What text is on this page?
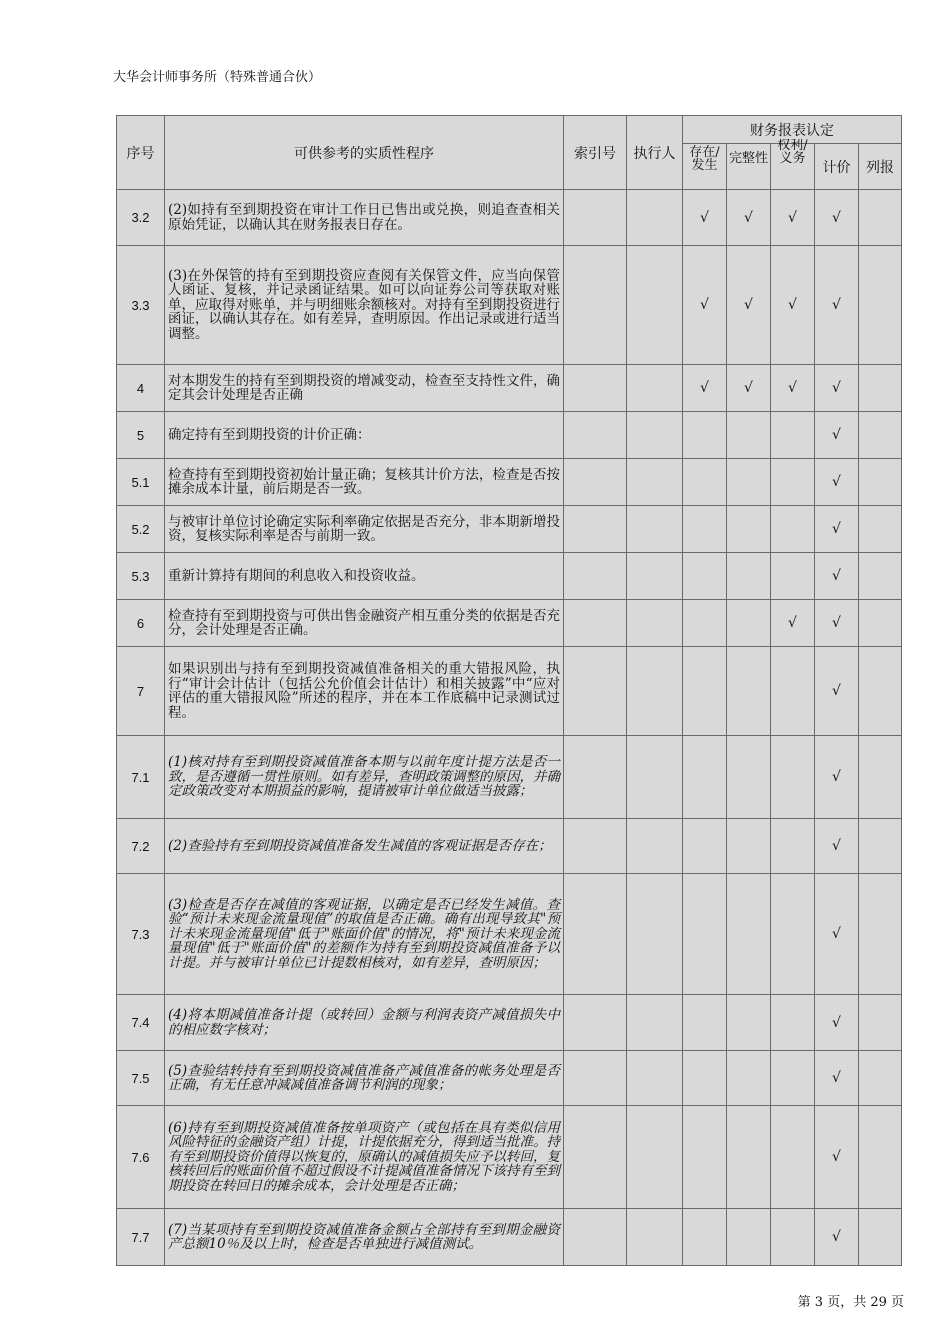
大华会计师事务所（特殊普通合伙）
序号	可供参考的实质性程序	索引号	执行人	财务报表认定				

				存在/发生	完整性	权利/义务	计价	列报
3.2	(2)如持有至到期投资在审计工作日已售出或兑换，则追查查相关原始凭证，以确认其在财务报表日存在。			√	√	√	√	
3.3	(3)在外保管的持有至到期投资应查阅有关保管文件，应当向保管人函证、复核，并记录函证结果。如可以向证券公司等获取对账单，应取得对账单，并与明细账余额核对。对持有至到期投资进行函证，以确认其存在。如有差异，查明原因。作出记录或进行适当调整。			√	√	√	√	
4	对本期发生的持有至到期投资的增减变动，检查至支持性文件，确定其会计处理是否正确			√	√	√	√	
5	确定持有至到期投资的计价正确：						√	
5.1	检查持有至到期投资初始计量正确；复核其计价方法，检查是否按摊余成本计量，前后期是否一致。						√	
5.2	与被审计单位讨论确定实际利率确定依据是否充分，非本期新增投资，复核实际利率是否与前期一致。						√	
5.3	重新计算持有期间的利息收入和投资收益。						√	
6	检查持有至到期投资与可供出售金融资产相互重分类的依据是否充分，会计处理是否正确。					√	√	
7	如果识别出与持有至到期投资减值准备相关的重大错报风险，执行“审计会计估计（包括公允价值会计估计）和相关披露”中“应对评估的重大错报风险”所述的程序，并在本工作底稿中记录测试过程。						√	
7.1	(1)核对持有至到期投资减值准备本期与以前年度计提方法是否一致，是否遵循一贯性原则。如有差异，查明政策调整的原因，并确定政策改变对本期损益的影响，提请被审计单位做适当披露；						√	
7.2	(2)查验持有至到期投资减值准备发生减值的客观证据是否存在；						√	
7.3	(3)检查是否存在减值的客观证据，以确定是否已经发生减值。查验“预计未来现金流量现值”的取值是否正确。确有出现导致其"预计未来现金流量现值"低于"账面价值"的情况，将"预计未来现金流量现值"低于"账面价值"的差额作为持有至到期投资减值准备予以计提。并与被审计单位已计提数相核对，如有差异，查明原因；						√	
7.4	(4)将本期减值准备计提（或转回）金额与利润表资产减值损失中的相应数字核对；						√	
7.5	(5)查验结转持有至到期投资减值准备产减值准备的帐务处理是否正确，有无任意冲减减值准备调节利润的现象；						√	
7.6	(6)持有至到期投资减值准备按单项资产（或包括在具有类似信用风险特征的金融资产组）计提，计提依据充分，得到适当批准。持有至到期投资价值得以恢复的，原确认的减值损失应予以转回，复核转回后的账面价值不超过假设不计提减值准备情况下该持有至到期投资在转回日的摊余成本，会计处理是否正确；						√	
7.7	(7)当某项持有至到期投资减值准备金额占全部持有至到期金融资产总额10％及以上时，检查是否单独进行减值测试。						√	
第 3 页，共 29 页
